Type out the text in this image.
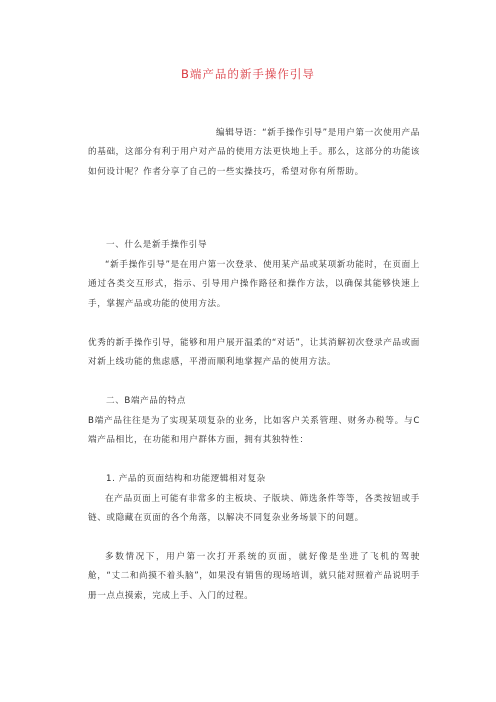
B端产品的新手操作引导

编辑导语：“新手操作引导”是用户第一次使用产品的基础，这部分有利于用户对产品的使用方法更快地上手。那么，这部分的功能该如何设计呢？作者分享了自己的一些实操技巧，希望对你有所帮助。

一、什么是新手操作引导

“新手操作引导”是在用户第一次登录、使用某产品或某项新功能时，在页面上通过各类交互形式，指示、引导用户操作路径和操作方法，以确保其能够快速上手，掌握产品或功能的使用方法。

优秀的新手操作引导，能够和用户展开温柔的“对话”，让其消解初次登录产品或面对新上线功能的焦虑感，平滑而顺利地掌握产品的使用方法。

二、B端产品的特点

B端产品往往是为了实现某项复杂的业务，比如客户关系管理、财务办税等。与C端产品相比，在功能和用户群体方面，拥有其独特性：

1. 产品的页面结构和功能逻辑相对复杂

在产品页面上可能有非常多的主板块、子版块、筛选条件等等，各类按钮或手链、或隐藏在页面的各个角落，以解决不同复杂业务场景下的问题。

多数情况下，用户第一次打开系统的页面，就好像是坐进了飞机的驾驶舱，“丈二和尚摸不着头脑”，如果没有销售的现场培训，就只能对照着产品说明手册一点点摸索，完成上手、入门的过程。
